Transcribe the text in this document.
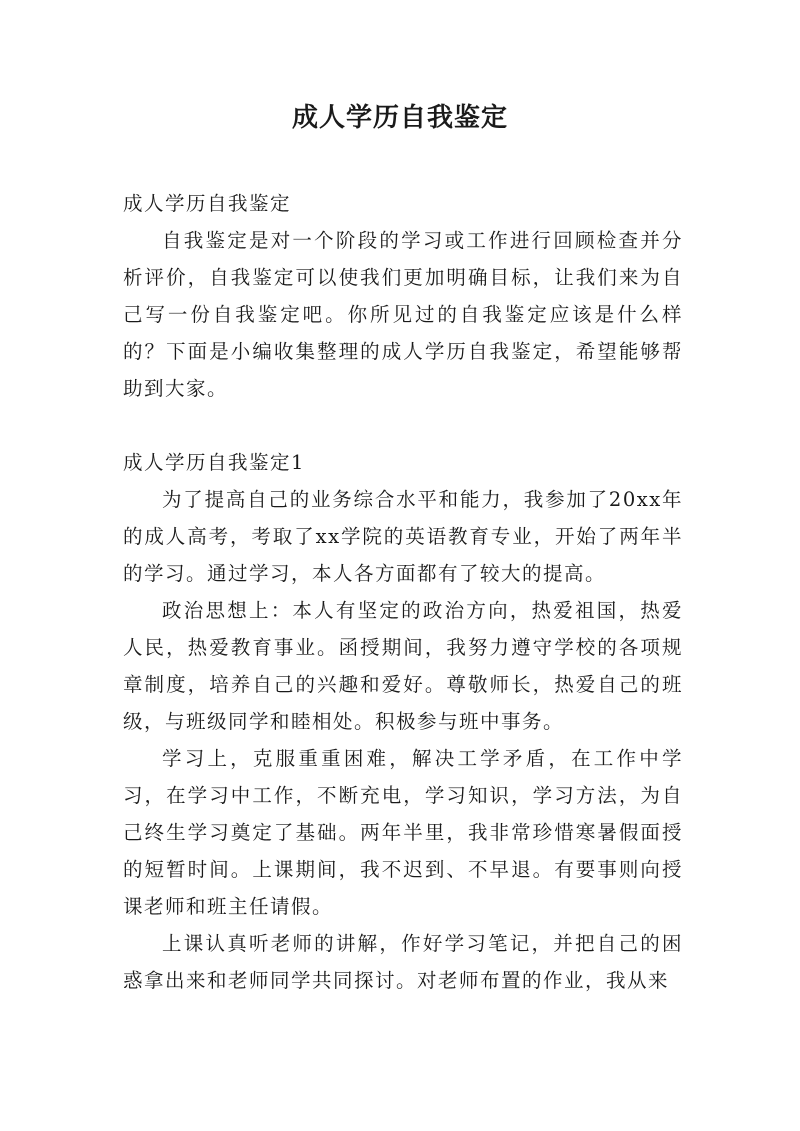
成人学历自我鉴定

成人学历自我鉴定

自我鉴定是对一个阶段的学习或工作进行回顾检查并分析评价，自我鉴定可以使我们更加明确目标，让我们来为自己写一份自我鉴定吧。你所见过的自我鉴定应该是什么样的？下面是小编收集整理的成人学历自我鉴定，希望能够帮助到大家。

成人学历自我鉴定1

为了提高自己的业务综合水平和能力，我参加了20xx年的成人高考，考取了xx学院的英语教育专业，开始了两年半的学习。通过学习，本人各方面都有了较大的提高。

政治思想上：本人有坚定的政治方向，热爱祖国，热爱人民，热爱教育事业。函授期间，我努力遵守学校的各项规章制度，培养自己的兴趣和爱好。尊敬师长，热爱自己的班级，与班级同学和睦相处。积极参与班中事务。

学习上，克服重重困难，解决工学矛盾，在工作中学习，在学习中工作，不断充电，学习知识，学习方法，为自己终生学习奠定了基础。两年半里，我非常珍惜寒暑假面授的短暂时间。上课期间，我不迟到、不早退。有要事则向授课老师和班主任请假。

上课认真听老师的讲解，作好学习笔记，并把自己的困惑拿出来和老师同学共同探讨。对老师布置的作业，我从来
